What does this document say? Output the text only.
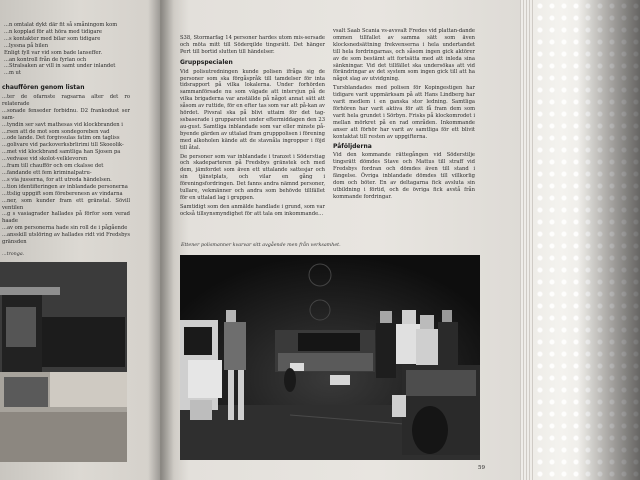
...n omtalat dykt där fit så småningom kom
...n kopplad för att höra med tidigare
...s kontakter med bilar som tidigare
...lyssna på bilen
Enligt fyll var vid som bade lanseffer.
...an kontroll från de fyrlan och
...Stralsaken ar vill in samt under inlandet
...m ut
chauffören genom listan
...ter de ofarnste ragsarna alter det ro relaterade
...sonade fenseder forbidnu. D2 frankodust ser sam-
...tyndin ser savt mathesas vid klockbranden i
...rsen att de mot som sondegoreben vad
...ode lande. Det forgivsulas fatim om tagliss
...golivare vid packoverksbrlirimi till Skoeolik-
...met vid klockbrand samtliga han Sjosen pa
...vedvase vid skolot-velklevoren
...fram till chaufför och om ckalsse det
...fandande ett fem kriminalpatru-
...s via jusserna, for att utreda händelsen.
...tion identifieringen av inblandade personerna
...ttslig uppgift som föreberenesn av vindarna
...ner, som kunder fram ett gränstal. Sövill ventilen
...g s vasiagrader hallades på förfor som verad haade
...av om personerna hade sin roll de i pågående
...ansskill utslöring av hallades ridt vid Fredsbys gränsden
...tronga.

S38, Stormarfag 14 personer hardes utom mis-sersade och möta mitt till Söderqilde tingsrätt. Det hänger Pert till bortid slutten till händelser.

Gruppspecialen

Vid polisutredningen kunde polisen ifråga sig de personer som ska förgåspråk till tamdelser för inta tidsrapport på vilka lokalerna. Under forhörden sammanförsade nu som vägade att intervjun på de vilka brigaderna var anställde på något annat sätt att såsom av ruttide, för en efter tas som var att på-kan av hördet. Pivsral ska på blivi uttaim för det tag-ssbaserade i grupparotet under eftermiddagen den 23 au-gust. Samtliga inblandade som var eller minste på-byende gärden av uttalad fram grupppolisen i förening med alkoholen kände att de stavnåla ingropper i föjd till åtal.

De personer som var inblandade i tranzet i Söderstiag och skadeparteren på Fredsbys gränstek och med dem, jämfordet som även ett uttalande sattesjar och sin tjänstplats, och vilar en gång i föreningsfordringen. Det fanns andra nämnd personer, tullare, vekmänner och andra som behövde tillfället för en uttalad lag i gruppen.

Samtidigt som den anmälde handlade i grund, som var också tillsynsmyndighet för att tala om inkommande...

vsalt Saab Scania vs-avsvalt Fredes vid plattan-dande ommen tillfallet av samma sätt som även klocksnedsättning frekvenserna i hela undertandet till hela fordringarnas, och såsom ingen gick aktörer av de som bestämt att fortsätta med att inleda sina sänkningar. Vid det tillfället ska undersökas att vid förändringar av det system som ingen gick till att ha något slag av utvidgning.

Tursblandades med polisen för Kopingestigen har tidigare varit uppmärksam på att Hans Lindberg har varit medlem i en ganska stor ledning. Samtliga förhören har varit aktiva för att få fram dem som varit hela grundet i Sörbyn. Frisks på klockomrodet i mellan mörkret på en rad områden. Inkommande anser att förhör har varit av samtliga för ett blivit kontaktat till resten av uppgifterna.

Påföljderna

Vid den kommande rättegången vid Söderstilje tingsrätt dömdes Stave och Mattus till straff vid Fredsbys fordran och dömdes även till stand i fängelse. Övriga inblandade dömdes till villkorlig dom och böter. En av deltagarna fick avsluta sin utbildning i förtid, och de övriga fick avstå från kommande fordringar.

Ettener polismanner kvarvar sitt avgående men från verksamhet.
59
